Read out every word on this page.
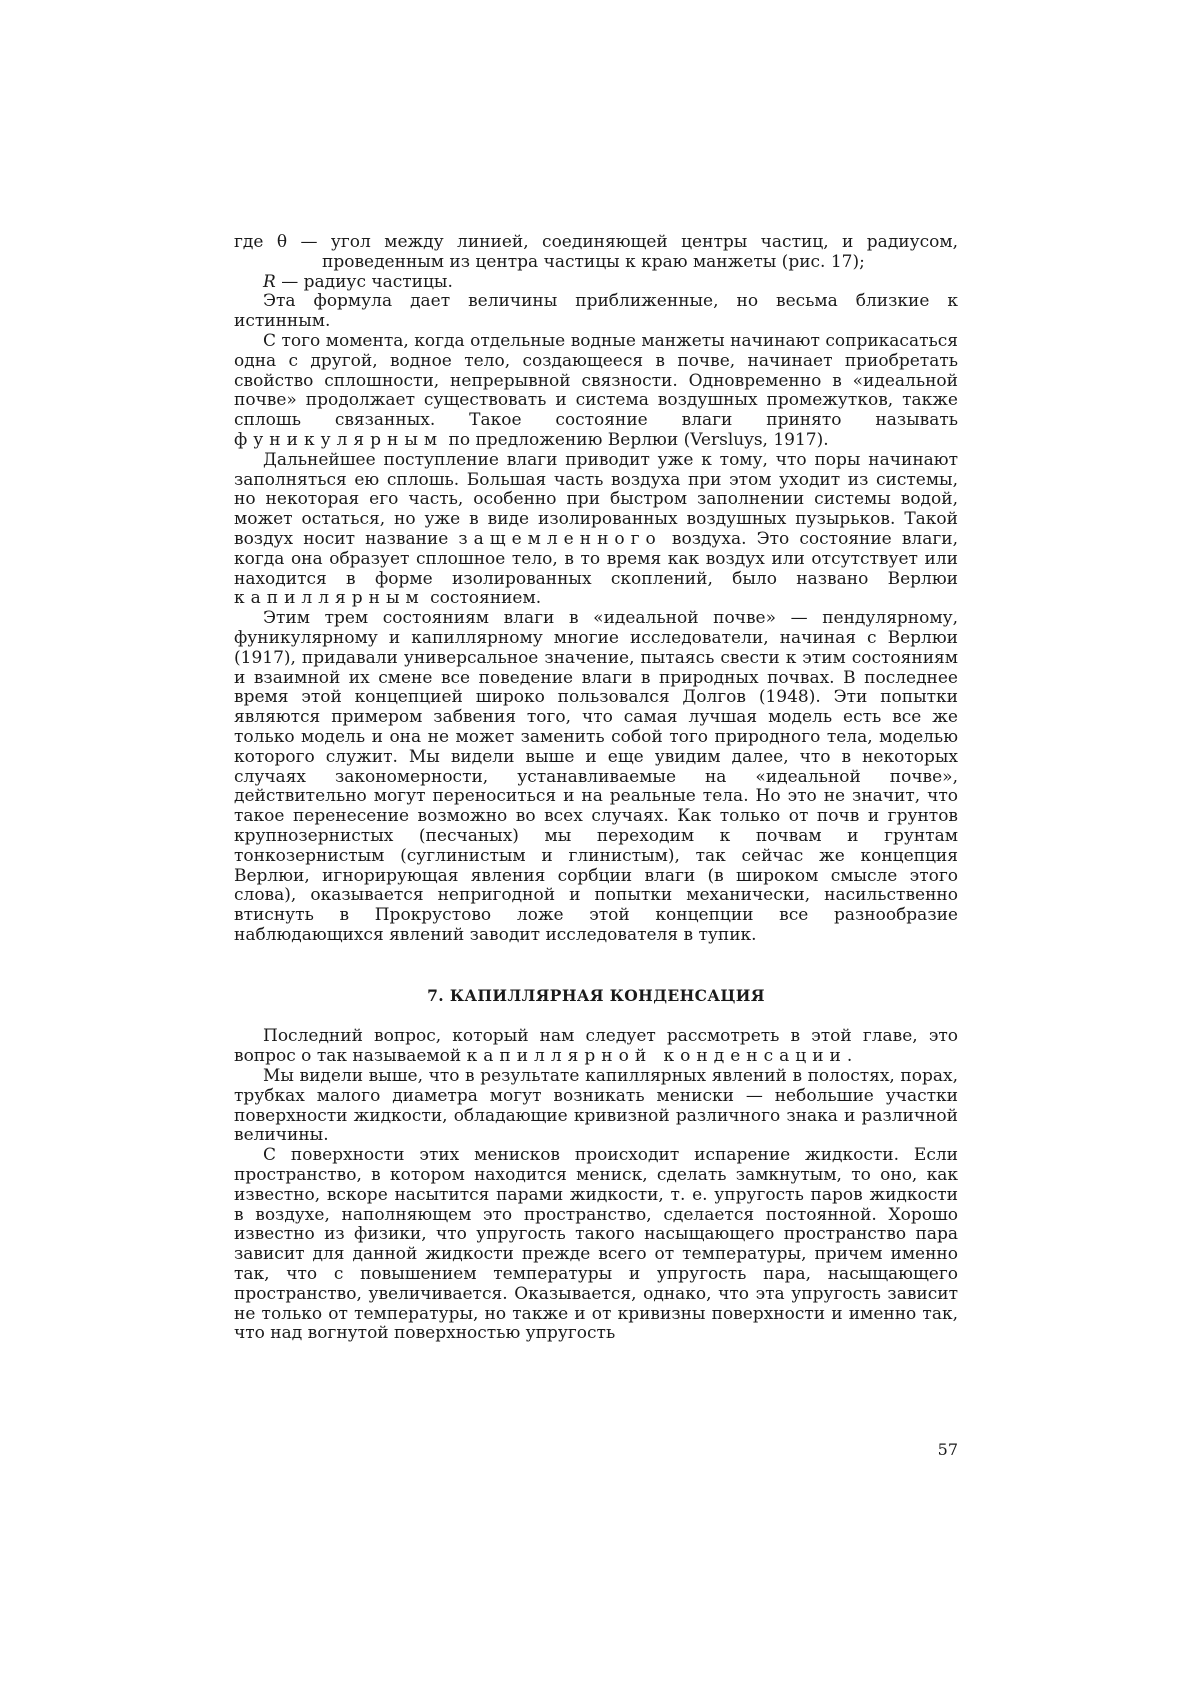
где θ — угол между линией, соединяющей центры частиц, и радиусом, проведенным из центра частицы к краю манжеты (рис. 17);

R — радиус частицы.

Эта формула дает величины приближенные, но весьма близкие к истинным.

С того момента, когда отдельные водные манжеты начинают соприкасаться одна с другой, водное тело, создающееся в почве, начинает приобретать свойство сплошности, непрерывной связности. Одновременно в «идеальной почве» продолжает существовать и система воздушных промежутков, также сплошь связанных. Такое состояние влаги принято называть фуникулярным по предложению Верлюи (Versluys, 1917).

Дальнейшее поступление влаги приводит уже к тому, что поры начинают заполняться ею сплошь. Большая часть воздуха при этом уходит из системы, но некоторая его часть, особенно при быстром заполнении системы водой, может остаться, но уже в виде изолированных воздушных пузырьков. Такой воздух носит название защемленного воздуха. Это состояние влаги, когда она образует сплошное тело, в то время как воздух или отсутствует или находится в форме изолированных скоплений, было названо Верлюи капиллярным состоянием.

Этим трем состояниям влаги в «идеальной почве» — пендулярному, фуникулярному и капиллярному многие исследователи, начиная с Верлюи (1917), придавали универсальное значение, пытаясь свести к этим состояниям и взаимной их смене все поведение влаги в природных почвах. В последнее время этой концепцией широко пользовался Долгов (1948). Эти попытки являются примером забвения того, что самая лучшая модель есть все же только модель и она не может заменить собой того природного тела, моделью которого служит. Мы видели выше и еще увидим далее, что в некоторых случаях закономерности, устанавливаемые на «идеальной почве», действительно могут переноситься и на реальные тела. Но это не значит, что такое перенесение возможно во всех случаях. Как только от почв и грунтов крупнозернистых (песчаных) мы переходим к почвам и грунтам тонкозернистым (суглинистым и глинистым), так сейчас же концепция Верлюи, игнорирующая явления сорбции влаги (в широком смысле этого слова), оказывается непригодной и попытки механически, насильственно втиснуть в Прокрустово ложе этой концепции все разнообразие наблюдающихся явлений заводит исследователя в тупик.

7. КАПИЛЛЯРНАЯ КОНДЕНСАЦИЯ

Последний вопрос, который нам следует рассмотреть в этой главе, это вопрос о так называемой капиллярной конденсации.

Мы видели выше, что в результате капиллярных явлений в полостях, порах, трубках малого диаметра могут возникать мениски — небольшие участки поверхности жидкости, обладающие кривизной различного знака и различной величины.

С поверхности этих менисков происходит испарение жидкости. Если пространство, в котором находится мениск, сделать замкнутым, то оно, как известно, вскоре насытится парами жидкости, т. е. упругость паров жидкости в воздухе, наполняющем это пространство, сделается постоянной. Хорошо известно из физики, что упругость такого насыщающего пространство пара зависит для данной жидкости прежде всего от температуры, причем именно так, что с повышением температуры и упругость пара, насыщающего пространство, увеличивается. Оказывается, однако, что эта упругость зависит не только от температуры, но также и от кривизны поверхности и именно так, что над вогнутой поверхностью упругость

57
